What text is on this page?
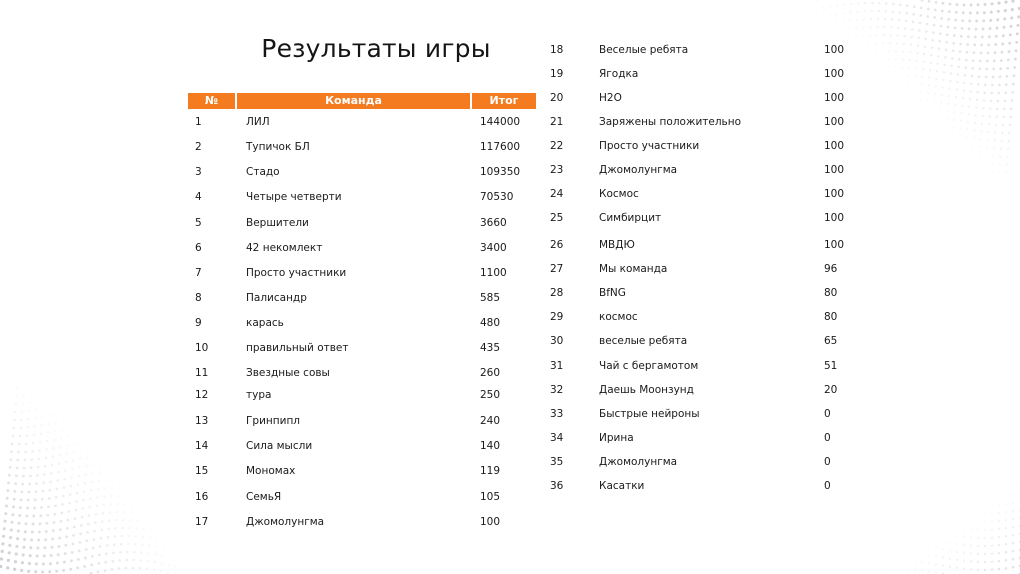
Результаты игры
№	Команда	Итог
1	ЛИЛ	144000
2	Тупичок БЛ	117600
3	Стадо	109350
4	Четыре четверти	70530
5	Вершители	3660
6	42 некомлект	3400
7	Просто участники	1100
8	Палисандр	585
9	карась	480
10	правильный ответ	435
11	Звездные совы	260
12	тура	250
13	Гринпипл	240
14	Сила мысли	140
15	Мономах	119
16	СемьЯ	105
17	Джомолунгма	100
18	Веселые ребята	100
19	Ягодка	100
20	H2O	100
21	Заряжены положительно	100
22	Просто участники	100
23	Джомолунгма	100
24	Космос	100
25	Симбирцит	100
26	МВДЮ	100
27	Мы команда	96
28	BfNG	80
29	космос	80
30	веселые ребята	65
31	Чай с бергамотом	51
32	Даешь Моонзунд	20
33	Быстрые нейроны	0
34	Ирина	0
35	Джомолунгма	0
36	Касатки	0
